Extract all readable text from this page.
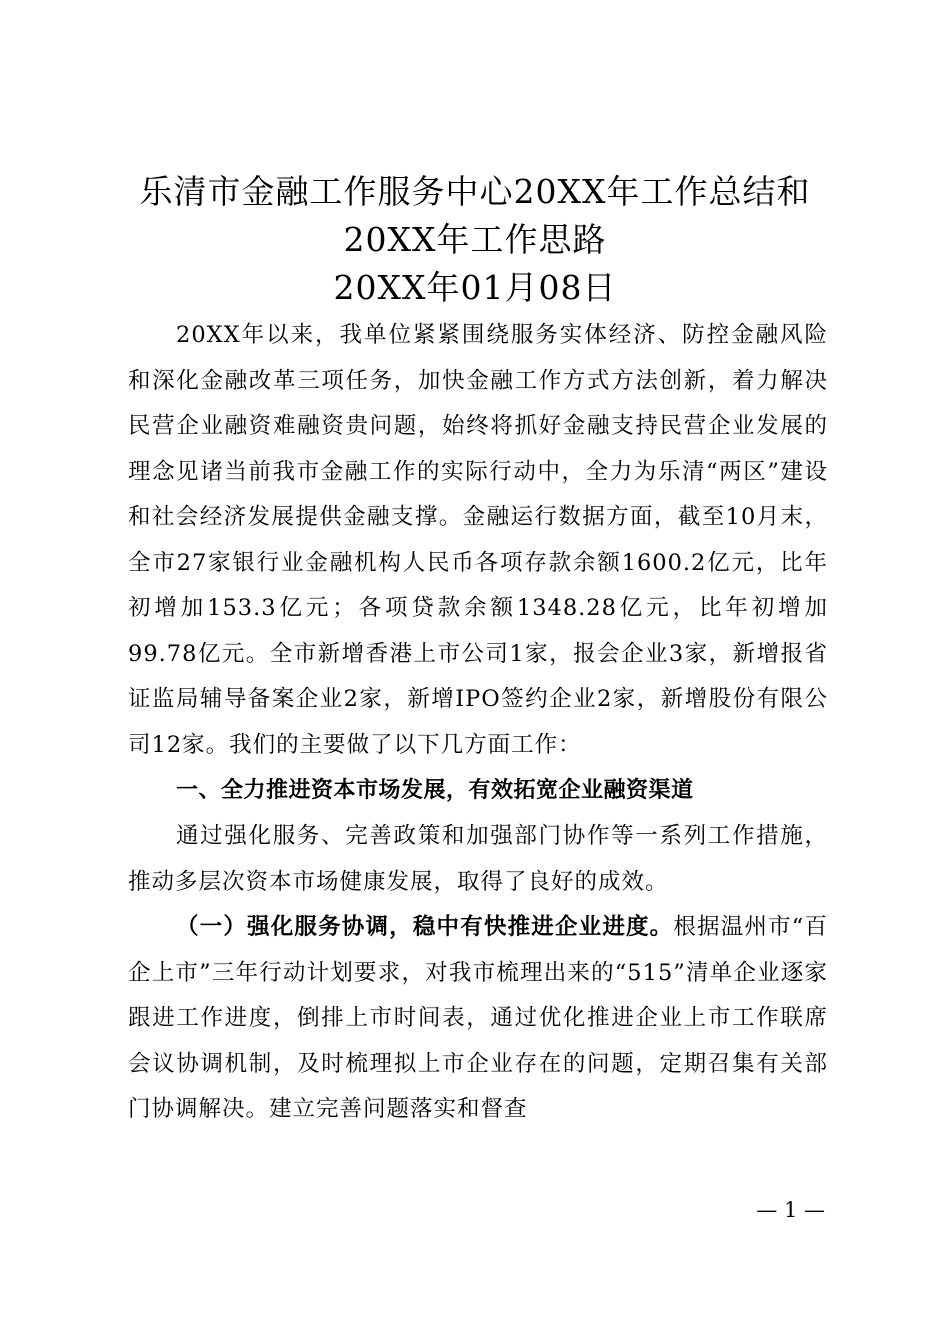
乐清市金融工作服务中心20XX年工作总结和
20XX年工作思路
20XX年01月08日

20XX年以来，我单位紧紧围绕服务实体经济、防控金融风险和深化金融改革三项任务，加快金融工作方式方法创新，着力解决民营企业融资难融资贵问题，始终将抓好金融支持民营企业发展的理念见诸当前我市金融工作的实际行动中，全力为乐清“两区”建设和社会经济发展提供金融支撑。金融运行数据方面，截至10月末，全市27家银行业金融机构人民币各项存款余额1600.2亿元，比年初增加153.3亿元；各项贷款余额1348.28亿元，比年初增加99.78亿元。全市新增香港上市公司1家，报会企业3家，新增报省证监局辅导备案企业2家，新增IPO签约企业2家，新增股份有限公司12家。我们的主要做了以下几方面工作：

一、全力推进资本市场发展，有效拓宽企业融资渠道

通过强化服务、完善政策和加强部门协作等一系列工作措施，推动多层次资本市场健康发展，取得了良好的成效。

（一）强化服务协调，稳中有快推进企业进度。根据温州市“百企上市”三年行动计划要求，对我市梳理出来的“515”清单企业逐家跟进工作进度，倒排上市时间表，通过优化推进企业上市工作联席会议协调机制，及时梳理拟上市企业存在的问题，定期召集有关部门协调解决。建立完善问题落实和督查

— 1 —
